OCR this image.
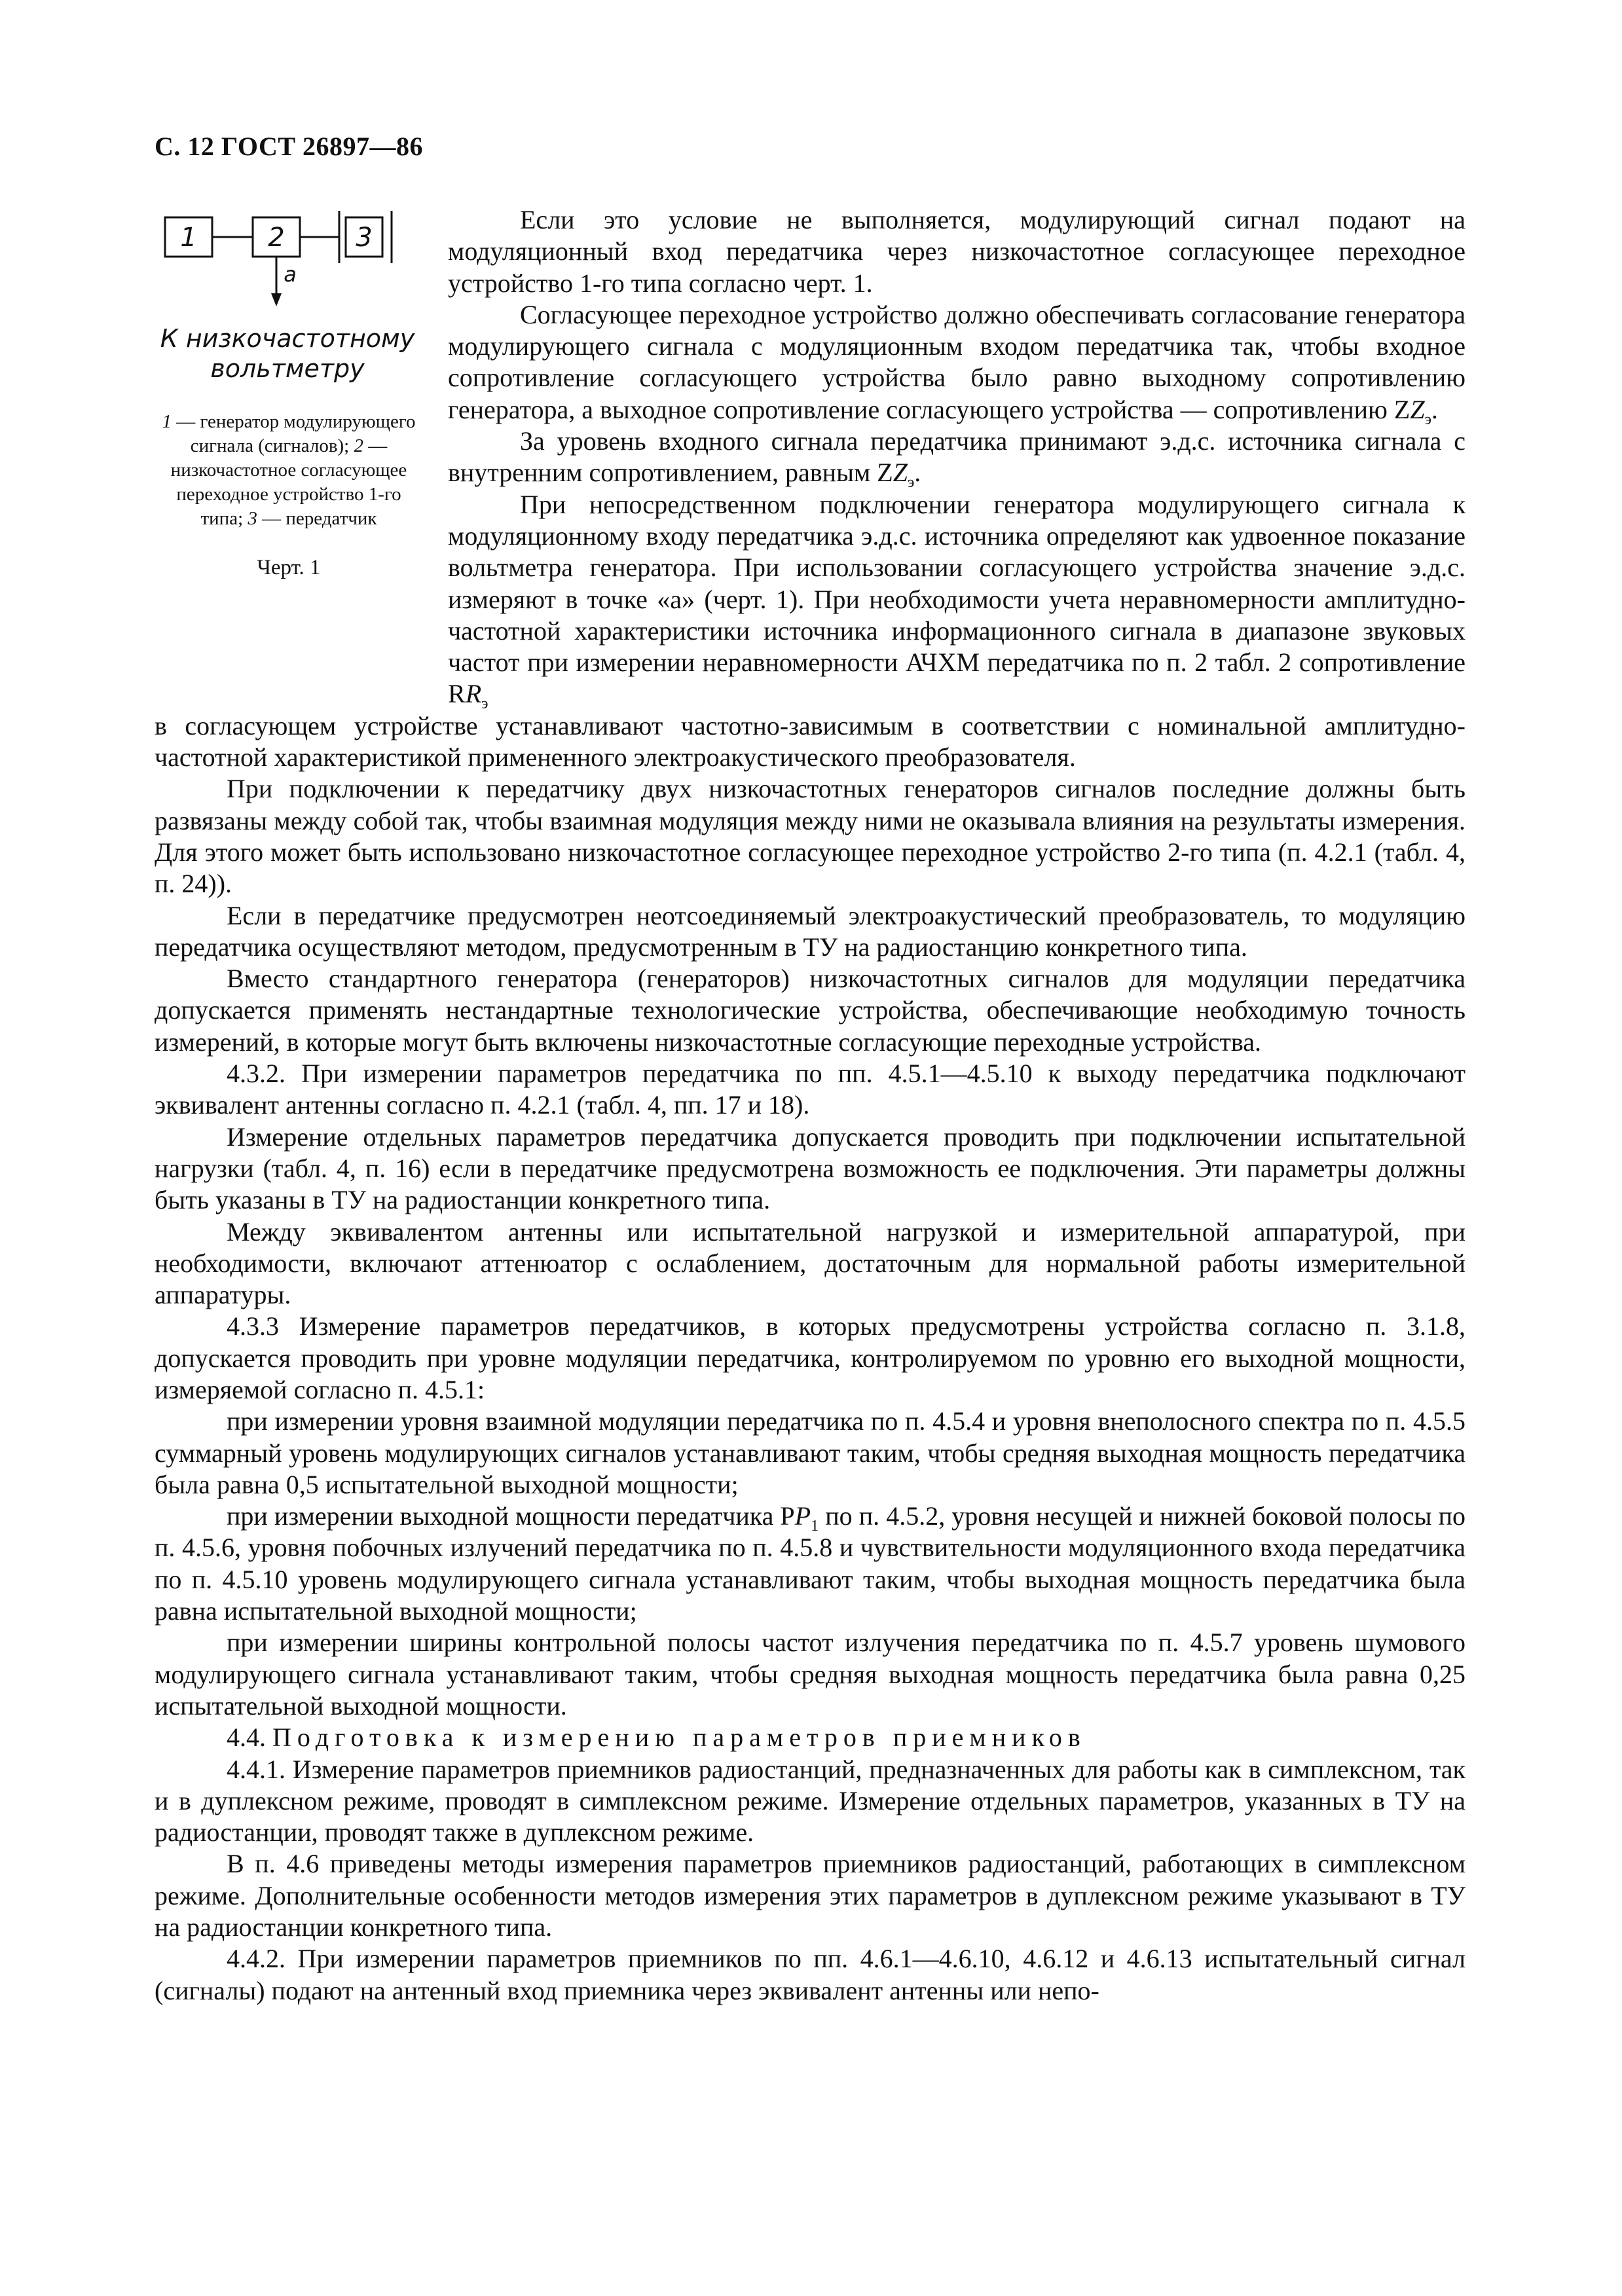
С. 12 ГОСТ 26897—86
1	2	3
a
К низкочастотному
вольтметру
1 — генератор модулирующего сигнала (сигналов); 2 —низкочастотное согласующее переходное устройство 1-го типа; 3 — передатчик
Черт. 1

Если это условие не выполняется, модулирующий сигнал подают на модуляционный вход передатчика через низкочастотное согласующее переходное устройство 1-го типа согласно черт. 1.

Согласующее переходное устройство должно обеспечивать согласование генератора модулирующего сигнала с модуляционным входом передатчика так, чтобы входное сопротивление согласующего устройства было равно выходному сопротивлению генератора, а выходное сопротивление согласующего устройства — сопротивлению $ZZ_э$.

За уровень входного сигнала передатчика принимают э.д.с. источника сигнала с внутренним сопротивлением, равным $ZZ_э$.

При непосредственном подключении генератора модулирующего сигнала к модуляционному входу передатчика э.д.с. источника определяют как удвоенное показание вольтметра генератора. При использовании согласующего устройства значение э.д.с. измеряют в точке «а» (черт. 1). При необходимости учета неравномерности амплитудно-частотной характеристики источника информационного сигнала в диапазоне звуковых частот при измерении неравномерности АЧХМ передатчика по п. 2 табл. 2 сопротивление $RR_э$

в согласующем устройстве устанавливают частотно-зависимым в соответствии с номинальной амплитудно-частотной характеристикой примененного электроакустического преобразователя.

При подключении к передатчику двух низкочастотных генераторов сигналов последние должны быть развязаны между собой так, чтобы взаимная модуляция между ними не оказывала влияния на результаты измерения. Для этого может быть использовано низкочастотное согласующее переходное устройство 2-го типа (п. 4.2.1 (табл. 4, п. 24)).

Если в передатчике предусмотрен неотсоединяемый электроакустический преобразователь, то модуляцию передатчика осуществляют методом, предусмотренным в ТУ на радиостанцию конкретного типа.

Вместо стандартного генератора (генераторов) низкочастотных сигналов для модуляции передатчика допускается применять нестандартные технологические устройства, обеспечивающие необходимую точность измерений, в которые могут быть включены низкочастотные согласующие переходные устройства.

4.3.2. При измерении параметров передатчика по пп. 4.5.1—4.5.10 к выходу передатчика подключают эквивалент антенны согласно п. 4.2.1 (табл. 4, пп. 17 и 18).

Измерение отдельных параметров передатчика допускается проводить при подключении испытательной нагрузки (табл. 4, п. 16) если в передатчике предусмотрена возможность ее подключения. Эти параметры должны быть указаны в ТУ на радиостанции конкретного типа.

Между эквивалентом антенны или испытательной нагрузкой и измерительной аппаратурой, при необходимости, включают аттенюатор с ослаблением, достаточным для нормальной работы измерительной аппаратуры.

4.3.3 Измерение параметров передатчиков, в которых предусмотрены устройства согласно п. 3.1.8, допускается проводить при уровне модуляции передатчика, контролируемом по уровню его выходной мощности, измеряемой согласно п. 4.5.1:

при измерении уровня взаимной модуляции передатчика по п. 4.5.4 и уровня внеполосного спектра по п. 4.5.5 суммарный уровень модулирующих сигналов устанавливают таким, чтобы средняя выходная мощность передатчика была равна 0,5 испытательной выходной мощности;

при измерении выходной мощности передатчика $PP_1$ по п. 4.5.2, уровня несущей и нижней боковой полосы по п. 4.5.6, уровня побочных излучений передатчика по п. 4.5.8 и чувствительности модуляционного входа передатчика по п. 4.5.10 уровень модулирующего сигнала устанавливают таким, чтобы выходная мощность передатчика была равна испытательной выходной мощности;

при измерении ширины контрольной полосы частот излучения передатчика по п. 4.5.7 уровень шумового модулирующего сигнала устанавливают таким, чтобы средняя выходная мощность передатчика была равна 0,25 испытательной выходной мощности.

4.4. Подготовка к измерению параметров приемников

4.4.1. Измерение параметров приемников радиостанций, предназначенных для работы как в симплексном, так и в дуплексном режиме, проводят в симплексном режиме. Измерение отдельных параметров, указанных в ТУ на радиостанции, проводят также в дуплексном режиме.

В п. 4.6 приведены методы измерения параметров приемников радиостанций, работающих в симплексном режиме. Дополнительные особенности методов измерения этих параметров в дуплексном режиме указывают в ТУ на радиостанции конкретного типа.

4.4.2. При измерении параметров приемников по пп. 4.6.1—4.6.10, 4.6.12 и 4.6.13 испытательный сигнал (сигналы) подают на антенный вход приемника через эквивалент антенны или непо-
